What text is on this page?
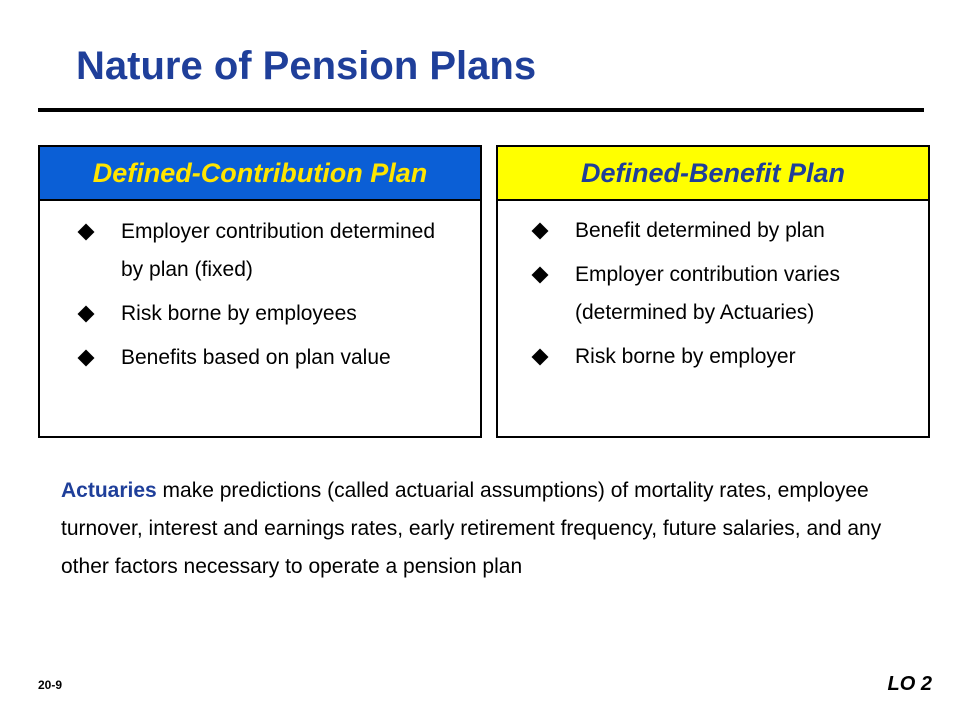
Nature of Pension Plans
Defined-Contribution Plan
Employer contribution determined by plan (fixed)
Risk borne by employees
Benefits based on plan value
Defined-Benefit Plan
Benefit determined by plan
Employer contribution varies (determined by Actuaries)
Risk borne by employer

Actuaries make predictions (called actuarial assumptions) of mortality rates, employee turnover, interest and earnings rates, early retirement frequency, future salaries, and any other factors necessary to operate a pension plan

20-9	LO 2
